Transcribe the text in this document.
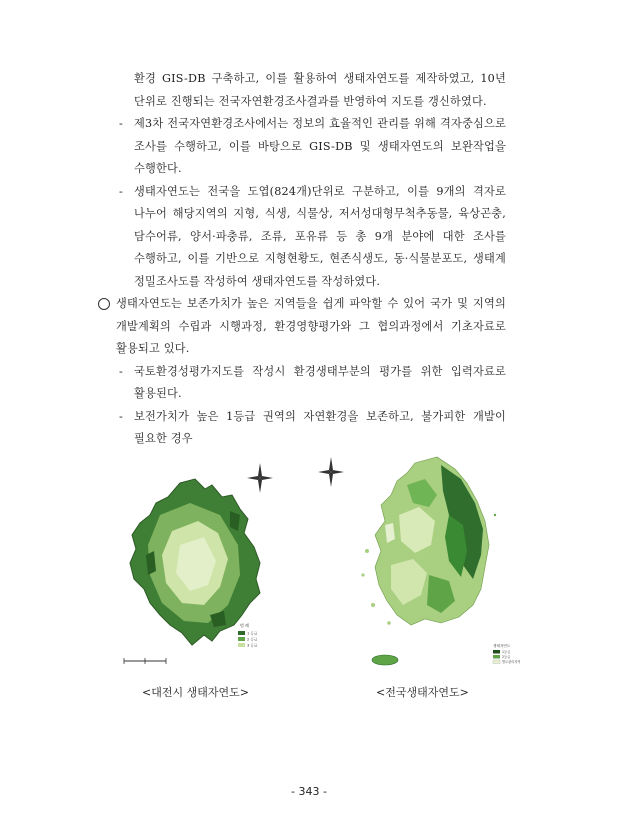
환경 GIS-DB 구축하고, 이를 활용하여 생태자연도를 제작하였고, 10년
단위로 진행되는 전국자연환경조사결과를 반영하여 지도를 갱신하였다.
제3차 전국자연환경조사에서는 정보의 효율적인 관리를 위해 격자중심으로
-
조사를 수행하고, 이를 바탕으로 GIS-DB 및 생태자연도의 보완작업을
수행한다.
생태자연도는 전국을 도엽(824개)단위로 구분하고, 이를 9개의 격자로
-
나누어 해당지역의 지형, 식생, 식물상, 저서성대형무척추동물, 육상곤충,
담수어류, 양서·파충류, 조류, 포유류 등 총 9개 분야에 대한 조사를
수행하고, 이를 기반으로 지형현황도, 현존식생도, 동·식물분포도, 생태계
정밀조사도를 작성하여 생태자연도를 작성하였다.
생태자연도는 보존가치가 높은 지역들을 쉽게 파악할 수 있어 국가 및 지역의
개발계획의 수립과 시행과정, 환경영향평가와 그 협의과정에서 기초자료로
활용되고 있다.
국토환경성평가지도를 작성시 환경생태부분의 평가를 위한 입력자료로
-
활용된다.
보전가치가 높은 1등급 권역의 자연환경을 보존하고, 불가피한 개발이
-
필요한 경우
범 례
1 등급
2 등급
3 등급	생태자연도
1등급
2등급
별도관리지역
<대전시 생태자연도>	<전국생태자연도>
- 343 -
